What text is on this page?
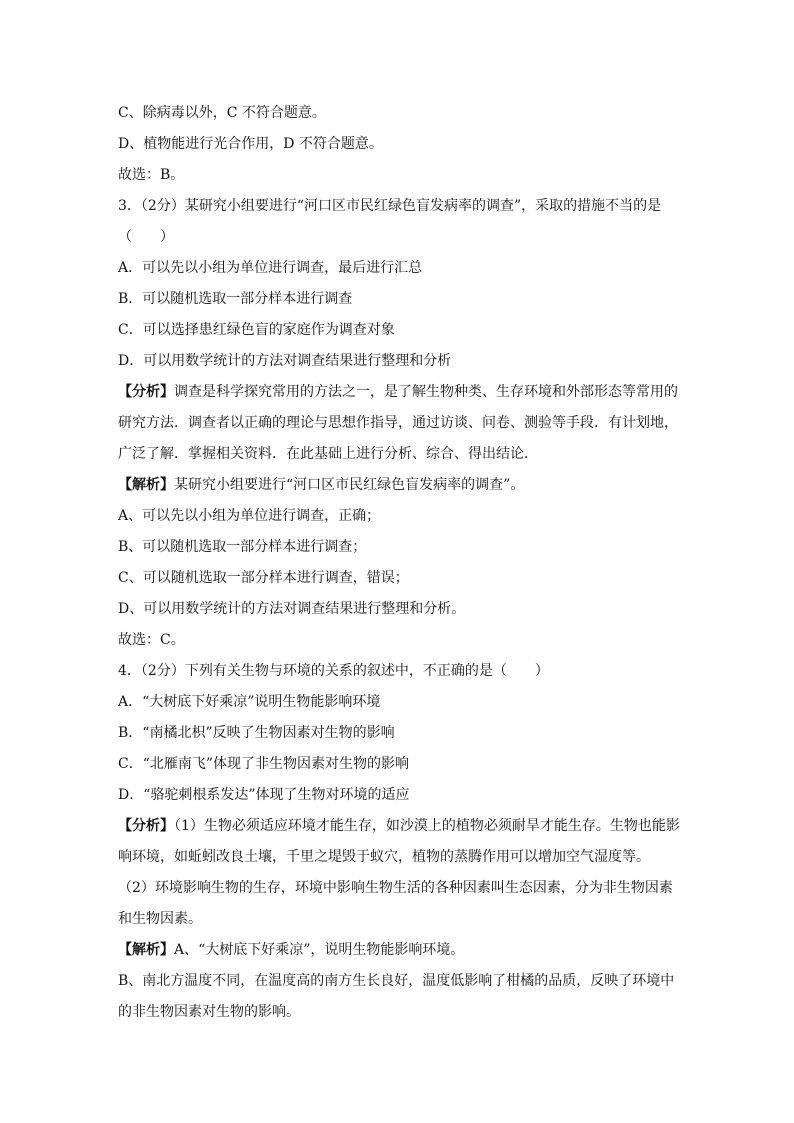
C、除病毒以外，C 不符合题意。
D、植物能进行光合作用，D 不符合题意。
故选：B。
3．（2分）某研究小组要进行“河口区市民红绿色盲发病率的调查”，采取的措施不当的是
（　　）
A．可以先以小组为单位进行调查，最后进行汇总
B．可以随机选取一部分样本进行调查
C．可以选择患红绿色盲的家庭作为调查对象
D．可以用数学统计的方法对调查结果进行整理和分析
【分析】调查是科学探究常用的方法之一，是了解生物种类、生存环境和外部形态等常用的
研究方法．调查者以正确的理论与思想作指导，通过访谈、问卷、测验等手段．有计划地，
广泛了解．掌握相关资料．在此基础上进行分析、综合、得出结论．
【解析】某研究小组要进行“河口区市民红绿色盲发病率的调查”。
A、可以先以小组为单位进行调查，正确；
B、可以随机选取一部分样本进行调查；
C、可以随机选取一部分样本进行调查，错误；
D、可以用数学统计的方法对调查结果进行整理和分析。
故选：C。
4．（2分）下列有关生物与环境的关系的叙述中，不正确的是（　　）
A．“大树底下好乘凉”说明生物能影响环境
B．“南橘北枳”反映了生物因素对生物的影响
C．“北雁南飞”体现了非生物因素对生物的影响
D．“骆驼刺根系发达”体现了生物对环境的适应
【分析】（1）生物必须适应环境才能生存，如沙漠上的植物必须耐旱才能生存。生物也能影
响环境，如蚯蚓改良土壤，千里之堤毁于蚁穴，植物的蒸腾作用可以增加空气湿度等。
（2）环境影响生物的生存，环境中影响生物生活的各种因素叫生态因素，分为非生物因素
和生物因素。
【解析】A、“大树底下好乘凉”，说明生物能影响环境。
B、南北方温度不同，在温度高的南方生长良好，温度低影响了柑橘的品质，反映了环境中
的非生物因素对生物的影响。
